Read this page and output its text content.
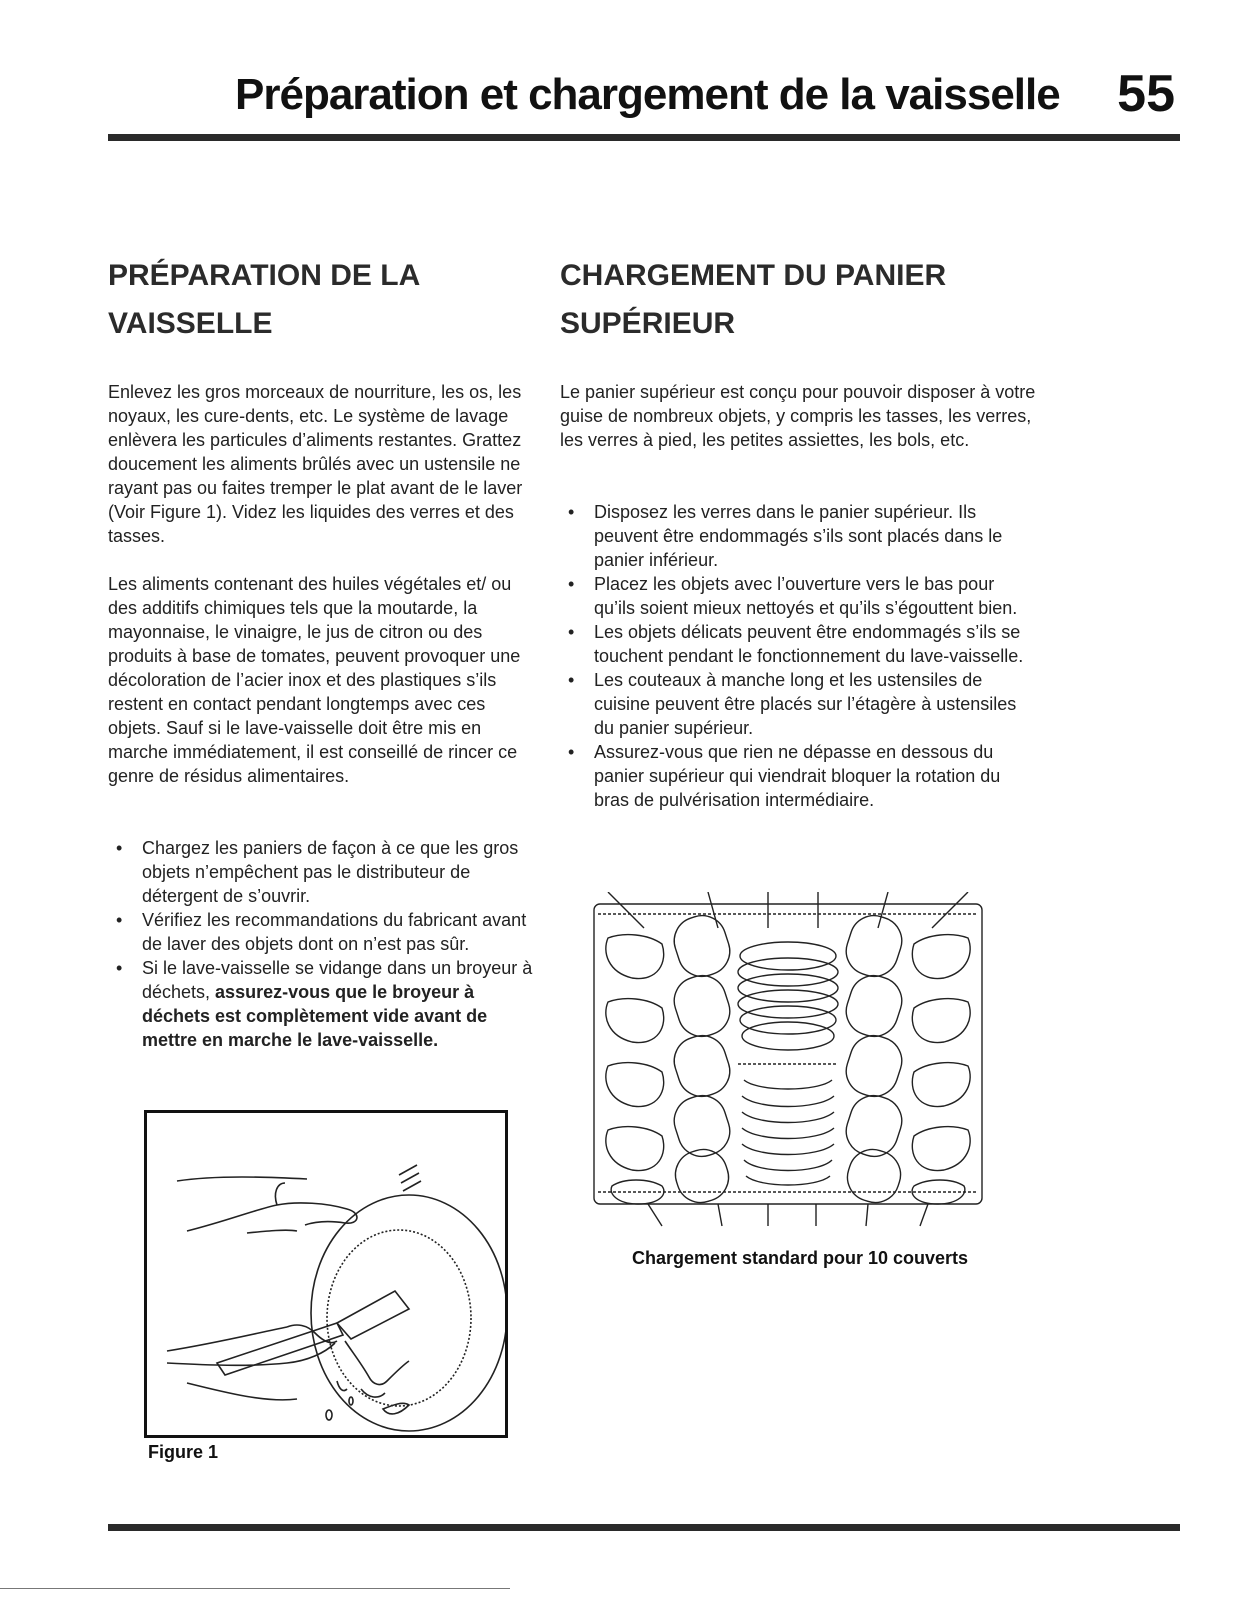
Préparation et chargement de la vaisselle	55
PRÉPARATION DE LA
VAISSELLE

Enlevez les gros morceaux de nourriture, les os, les noyaux, les cure-dents, etc. Le système de lavage enlèvera les particules d’aliments restantes. Grattez doucement les aliments brûlés avec un ustensile ne rayant pas ou faites tremper le plat avant de le laver (Voir Figure 1). Videz les liquides des verres et des tasses.

Les aliments contenant des huiles végétales et/ ou des additifs chimiques tels que la moutarde, la mayonnaise, le vinaigre, le jus de citron ou des produits à base de tomates, peuvent provoquer une décoloration de l’acier inox et des plastiques s’ils restent en contact pendant longtemps avec ces objets. Sauf si le lave-vaisselle doit être mis en marche immédiatement, il est conseillé de rincer ce genre de résidus alimentaires.

• Chargez les paniers de façon à ce que les gros objets n’empêchent pas le distributeur de détergent de s’ouvrir.
• Vérifiez les recommandations du fabricant avant de laver des objets dont on n’est pas sûr.
• Si le lave-vaisselle se vidange dans un broyeur à déchets, assurez-vous que le broyeur à déchets est complètement vide avant de mettre en marche le lave-vaisselle.
Figure 1
CHARGEMENT DU PANIER
SUPÉRIEUR

Le panier supérieur est conçu pour pouvoir disposer à votre guise de nombreux objets, y compris les tasses, les verres, les verres à pied, les petites assiettes, les bols, etc.

• Disposez les verres dans le panier supérieur. Ils peuvent être endommagés s’ils sont placés dans le panier inférieur.
• Placez les objets avec l’ouverture vers le bas pour qu’ils soient mieux nettoyés et qu’ils s’égouttent bien.
• Les objets délicats peuvent être endommagés s’ils se touchent pendant le fonctionnement du lave-vaisselle.
• Les couteaux à manche long et les ustensiles de cuisine peuvent être placés sur l’étagère à ustensiles du panier supérieur.
• Assurez-vous que rien ne dépasse en dessous du panier supérieur qui viendrait bloquer la rotation du bras de pulvérisation intermédiaire.
Chargement standard pour 10 couverts
